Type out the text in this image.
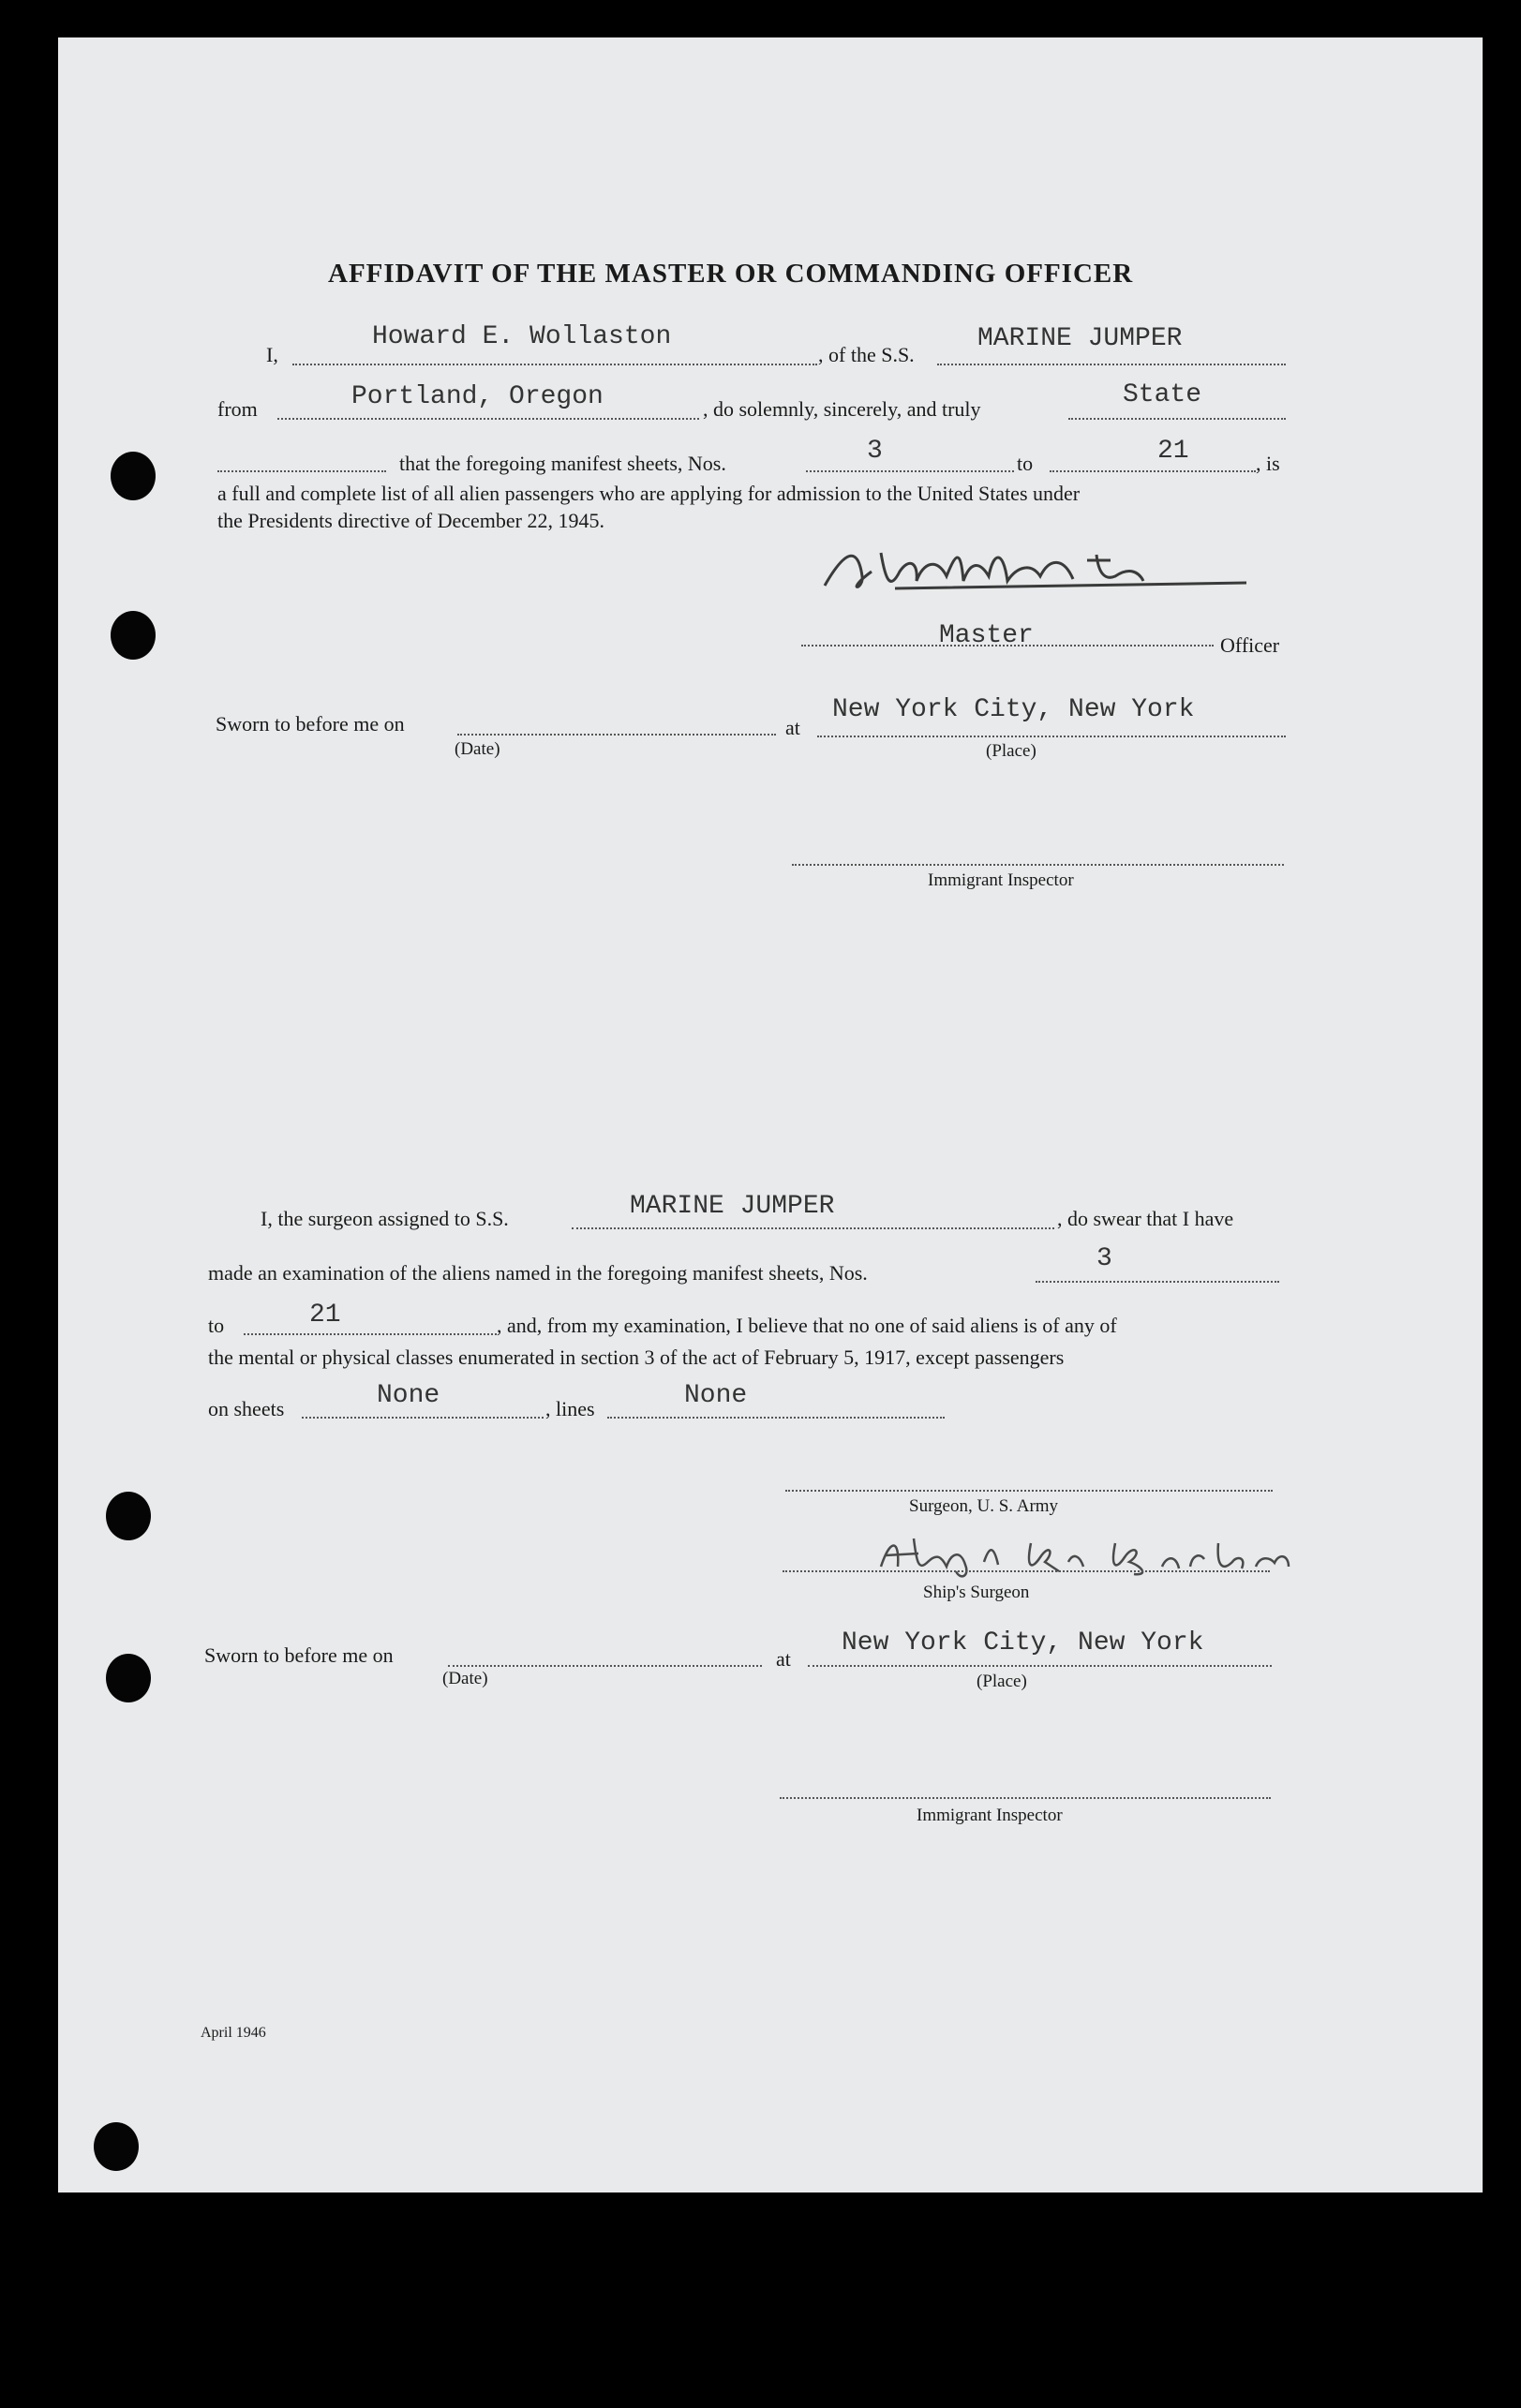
AFFIDAVIT OF THE MASTER OR COMMANDING OFFICER
I,
Howard E. Wollaston
, of the S.S.
MARINE JUMPER
from	Portland, Oregon	, do solemnly, sincerely, and truly	State
that the foregoing manifest sheets, Nos.	3	to	21	, is
a full and complete list of all alien passengers who are applying for admission to the United States under
the Presidents directive of December 22, 1945.
Master	Officer
Sworn to before me on
(Date)
at
New York City, New York
(Place)
Immigrant Inspector
I, the surgeon assigned to S.S.	MARINE JUMPER	, do swear that I have
made an examination of the aliens named in the foregoing manifest sheets, Nos.	3
to	21	, and, from my examination, I believe that no one of said aliens is of any of
the mental or physical classes enumerated in section 3 of the act of February 5, 1917, except passengers
on sheets	None	, lines	None
Surgeon, U. S. Army
Ship's Surgeon
Sworn to before me on
(Date)
at
New York City, New York
(Place)
Immigrant Inspector
April 1946
